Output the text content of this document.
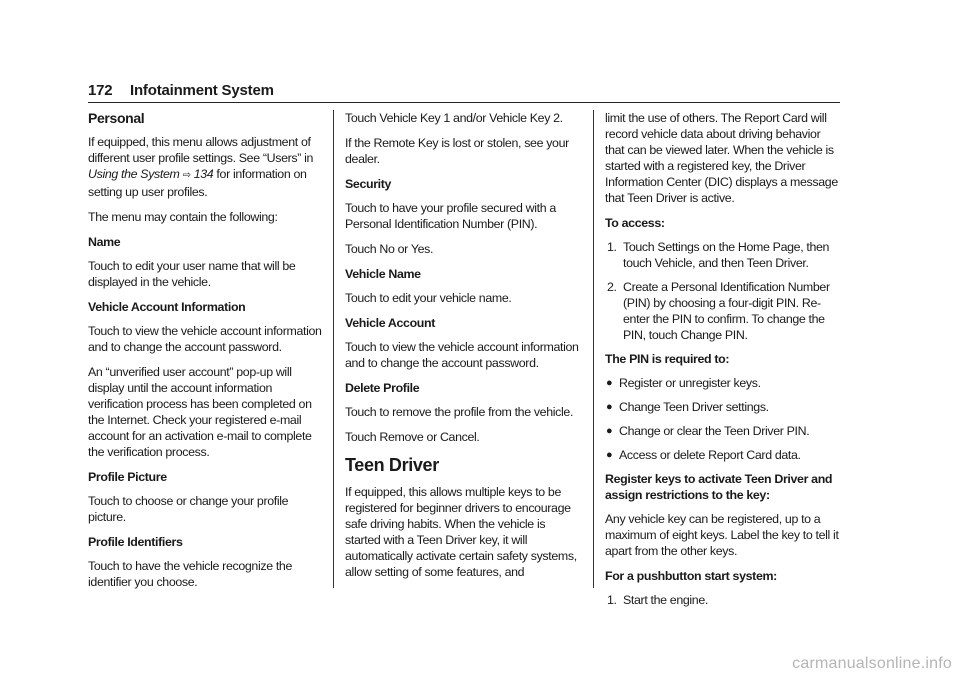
172 Infotainment System
Personal

If equipped, this menu allows adjustment of different user profile settings. See “Users” in Using the System ⇨ 134 for information on setting up user profiles.

The menu may contain the following:

Name

Touch to edit your user name that will be displayed in the vehicle.

Vehicle Account Information

Touch to view the vehicle account information and to change the account password.

An “unverified user account” pop-up will display until the account information verification process has been completed on the Internet. Check your registered e-mail account for an activation e-mail to complete the verification process.

Profile Picture

Touch to choose or change your profile picture.

Profile Identifiers

Touch to have the vehicle recognize the identifier you choose.

Touch Vehicle Key 1 and/or Vehicle Key 2.

If the Remote Key is lost or stolen, see your dealer.

Security

Touch to have your profile secured with a Personal Identification Number (PIN).

Touch No or Yes.

Vehicle Name

Touch to edit your vehicle name.

Vehicle Account

Touch to view the vehicle account information and to change the account password.

Delete Profile

Touch to remove the profile from the vehicle.

Touch Remove or Cancel.

Teen Driver

If equipped, this allows multiple keys to be registered for beginner drivers to encourage safe driving habits. When the vehicle is started with a Teen Driver key, it will automatically activate certain safety systems, allow setting of some features, and

limit the use of others. The Report Card will record vehicle data about driving behavior that can be viewed later. When the vehicle is started with a registered key, the Driver Information Center (DIC) displays a message that Teen Driver is active.

To access:
1. Touch Settings on the Home Page, then touch Vehicle, and then Teen Driver.
2. Create a Personal Identification Number (PIN) by choosing a four-digit PIN. Re-enter the PIN to confirm. To change the PIN, touch Change PIN.
The PIN is required to:
● Register or unregister keys.
● Change Teen Driver settings.
● Change or clear the Teen Driver PIN.
● Access or delete Report Card data.
Register keys to activate Teen Driver and assign restrictions to the key:

Any vehicle key can be registered, up to a maximum of eight keys. Label the key to tell it apart from the other keys.

For a pushbutton start system:
1. Start the engine.
carmanualsonline.info
